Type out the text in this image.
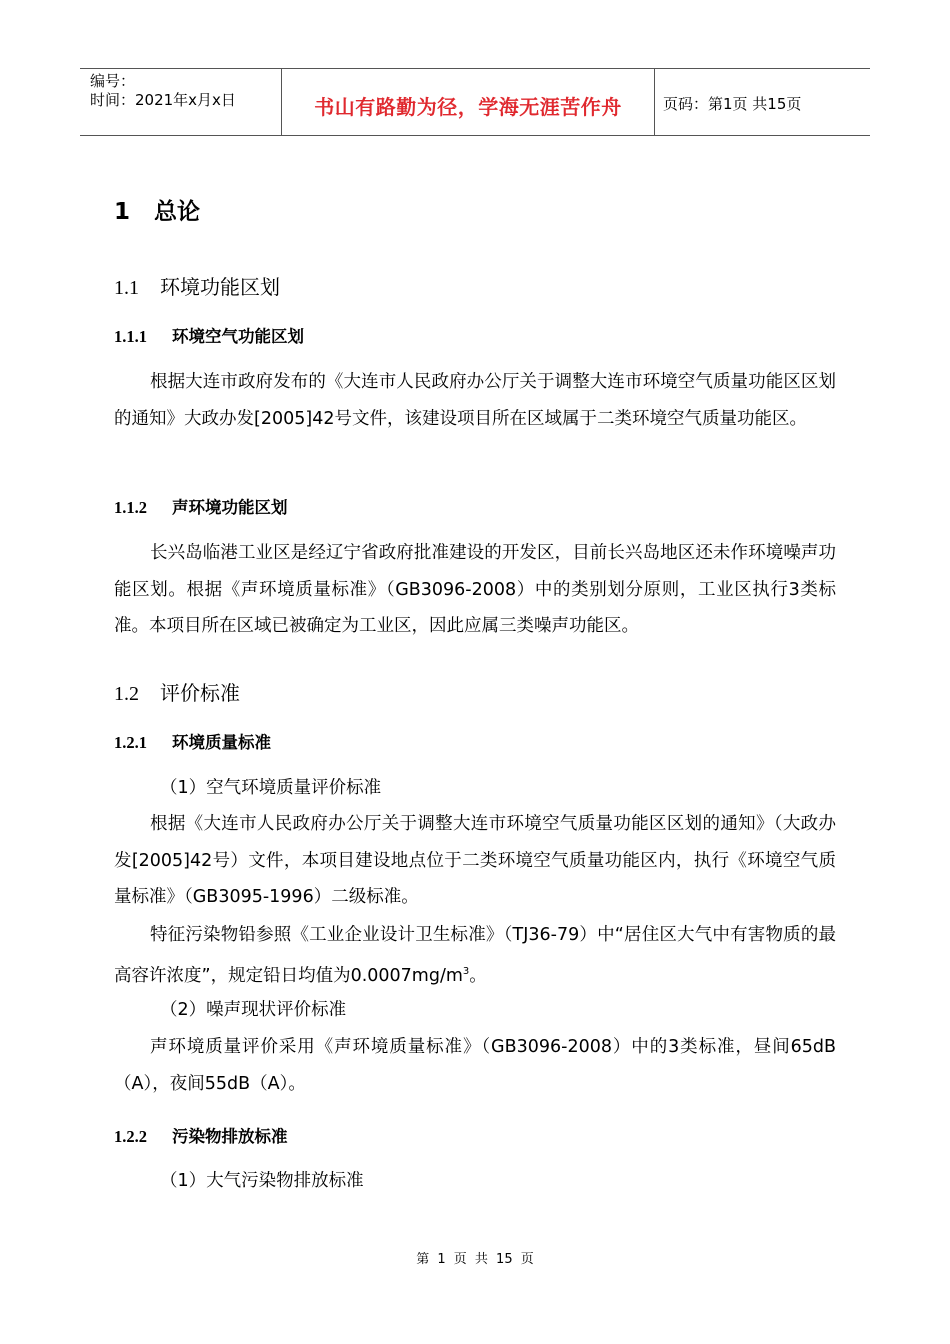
编号：
时间：2021年x月x日	书山有路勤为径，学海无涯苦作舟	页码：第1页 共15页
1 总论
1.1 环境功能区划
1.1.1 环境空气功能区划
根据大连市政府发布的《大连市人民政府办公厅关于调整大连市环境空气质量功能区区划的通知》大政办发[2005]42号文件，该建设项目所在区域属于二类环境空气质量功能区。
1.1.2 声环境功能区划
长兴岛临港工业区是经辽宁省政府批准建设的开发区，目前长兴岛地区还未作环境噪声功能区划。根据《声环境质量标准》（GB3096-2008）中的类别划分原则，工业区执行3类标准。本项目所在区域已被确定为工业区，因此应属三类噪声功能区。
1.2 评价标准
1.2.1 环境质量标准
（1）空气环境质量评价标准
根据《大连市人民政府办公厅关于调整大连市环境空气质量功能区区划的通知》（大政办发[2005]42号）文件，本项目建设地点位于二类环境空气质量功能区内，执行《环境空气质量标准》（GB3095-1996）二级标准。
特征污染物铅参照《工业企业设计卫生标准》（TJ36-79）中“居住区大气中有害物质的最高容许浓度”，规定铅日均值为$0.0007mg/m^3$。
（2）噪声现状评价标准
声环境质量评价采用《声环境质量标准》（GB3096-2008）中的3类标准，昼间65dB（A），夜间55dB（A）。
1.2.2 污染物排放标准
（1）大气污染物排放标准
第 1 页 共 15 页
